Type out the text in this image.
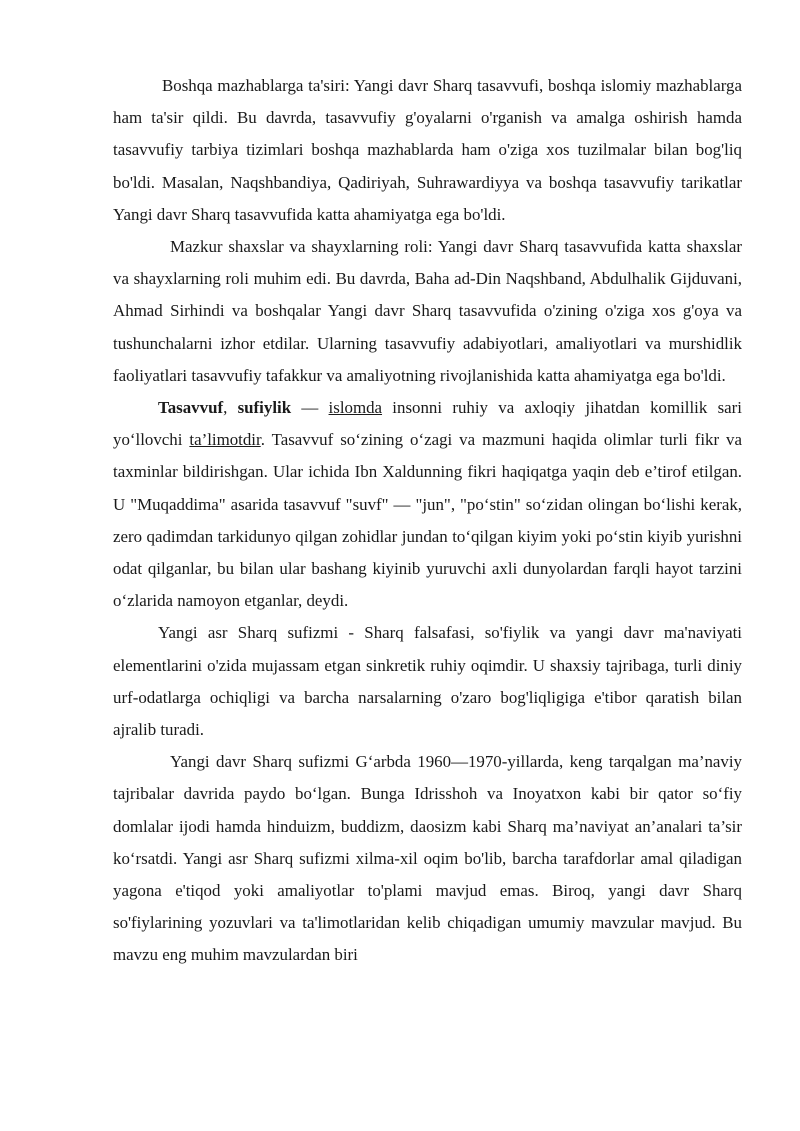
Boshqa mazhablarga ta'siri: Yangi davr Sharq tasavvufi, boshqa islomiy mazhablarga ham ta'sir qildi. Bu davrda, tasavvufiy g'oyalarni o'rganish va amalga oshirish hamda tasavvufiy tarbiya tizimlari boshqa mazhablarda ham o'ziga xos tuzilmalar bilan bog'liq bo'ldi. Masalan, Naqshbandiya, Qadiriyah, Suhrawardiyya va boshqa tasavvufiy tarikatlar Yangi davr Sharq tasavvufida katta ahamiyatga ega bo'ldi.

Mazkur shaxslar va shayxlarning roli: Yangi davr Sharq tasavvufida katta shaxslar va shayxlarning roli muhim edi. Bu davrda, Baha ad-Din Naqshband, Abdulhalik Gijduvani, Ahmad Sirhindi va boshqalar Yangi davr Sharq tasavvufida o'zining o'ziga xos g'oya va tushunchalarni izhor etdilar. Ularning tasavvufiy adabiyotlari, amaliyotlari va murshidlik faoliyatlari tasavvufiy tafakkur va amaliyotning rivojlanishida katta ahamiyatga ega bo'ldi.

Tasavvuf, sufiylik — islomda insonni ruhiy va axloqiy jihatdan komillik sari yo‘llovchi ta’limotdir. Tasavvuf so‘zining o‘zagi va mazmuni haqida olimlar turli fikr va taxminlar bildirishgan. Ular ichida Ibn Xaldunning fikri haqiqatga yaqin deb e’tirof etilgan. U "Muqaddima" asarida tasavvuf "suvf" — "jun", "po‘stin" so‘zidan olingan bo‘lishi kerak, zero qadimdan tarkidunyo qilgan zohidlar jundan to‘qilgan kiyim yoki po‘stin kiyib yurishni odat qilganlar, bu bilan ular bashang kiyinib yuruvchi axli dunyolardan farqli hayot tarzini o‘zlarida namoyon etganlar, deydi.

Yangi asr Sharq sufizmi - Sharq falsafasi, so'fiylik va yangi davr ma'naviyati elementlarini o'zida mujassam etgan sinkretik ruhiy oqimdir. U shaxsiy tajribaga, turli diniy urf-odatlarga ochiqligi va barcha narsalarning o'zaro bog'liqligiga e'tibor qaratish bilan ajralib turadi.

Yangi davr Sharq sufizmi G‘arbda 1960—1970-yillarda, keng tarqalgan ma’naviy tajribalar davrida paydo bo‘lgan. Bunga Idrisshoh va Inoyatxon kabi bir qator so‘fiy domlalar ijodi hamda hinduizm, buddizm, daosizm kabi Sharq ma’naviyat an’analari ta’sir ko‘rsatdi. Yangi asr Sharq sufizmi xilma-xil oqim bo'lib, barcha tarafdorlar amal qiladigan yagona e'tiqod yoki amaliyotlar to'plami mavjud emas. Biroq, yangi davr Sharq so'fiylarining yozuvlari va ta'limotlaridan kelib chiqadigan umumiy mavzular mavjud. Bu mavzu eng muhim mavzulardan biri
